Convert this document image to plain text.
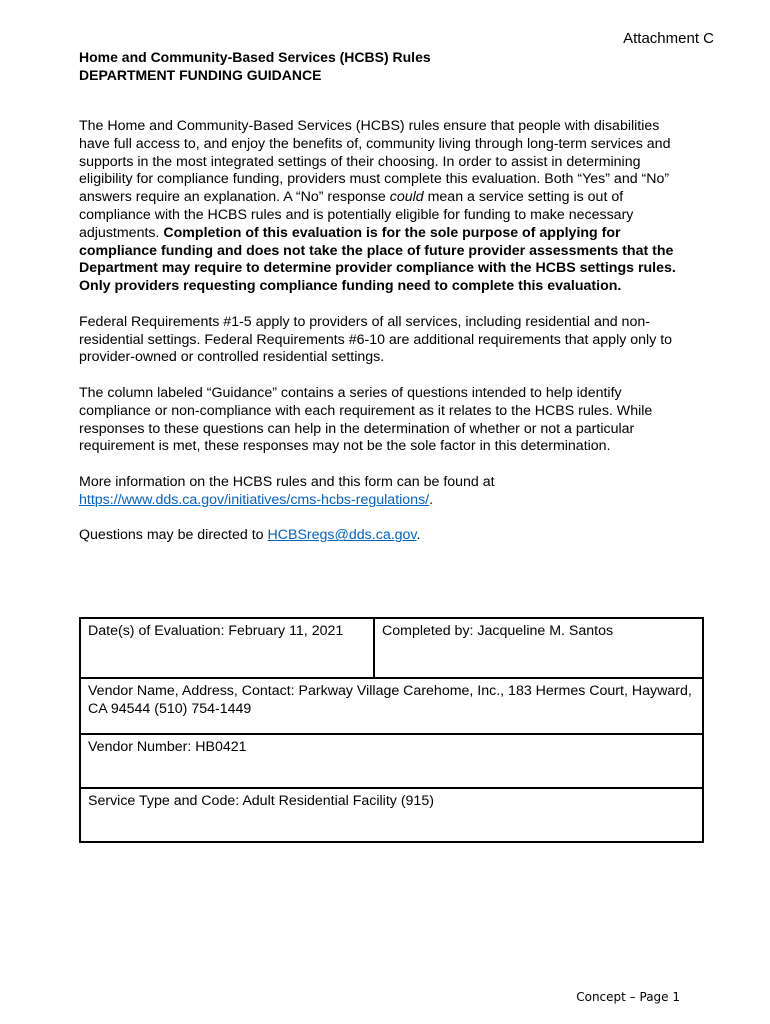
Attachment C
Home and Community-Based Services (HCBS) Rules
DEPARTMENT FUNDING GUIDANCE

The Home and Community-Based Services (HCBS) rules ensure that people with disabilities have full access to, and enjoy the benefits of, community living through long-term services and supports in the most integrated settings of their choosing. In order to assist in determining eligibility for compliance funding, providers must complete this evaluation. Both “Yes” and “No” answers require an explanation. A “No” response could mean a service setting is out of compliance with the HCBS rules and is potentially eligible for funding to make necessary adjustments. Completion of this evaluation is for the sole purpose of applying for compliance funding and does not take the place of future provider assessments that the Department may require to determine provider compliance with the HCBS settings rules. Only providers requesting compliance funding need to complete this evaluation.

Federal Requirements #1-5 apply to providers of all services, including residential and non-residential settings. Federal Requirements #6-10 are additional requirements that apply only to provider-owned or controlled residential settings.

The column labeled “Guidance” contains a series of questions intended to help identify compliance or non-compliance with each requirement as it relates to the HCBS rules. While responses to these questions can help in the determination of whether or not a particular requirement is met, these responses may not be the sole factor in this determination.

More information on the HCBS rules and this form can be found at
https://www.dds.ca.gov/initiatives/cms-hcbs-regulations/.

Questions may be directed to HCBSregs@dds.ca.gov.

Date(s) of Evaluation: February 11, 2021	Completed by: Jacqueline M. Santos
Vendor Name, Address, Contact: Parkway Village Carehome, Inc., 183 Hermes Court, Hayward, CA 94544 (510) 754-1449
Vendor Number: HB0421
Service Type and Code: Adult Residential Facility (915)
Concept – Page 1
